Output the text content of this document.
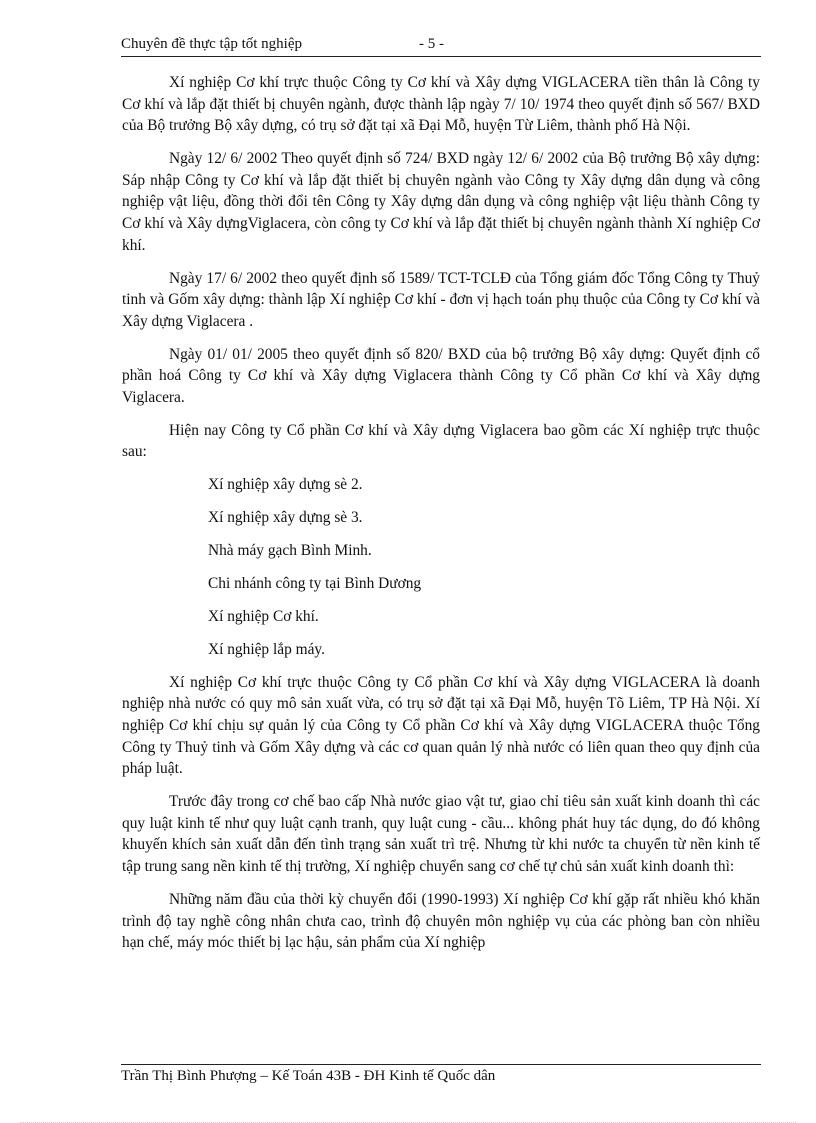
Chuyên đề thực tập tốt nghiệp	- 5 -

Xí nghiệp Cơ khí trực thuộc Công ty Cơ khí và Xây dựng VIGLACERA tiền thân là Công ty Cơ khí và lắp đặt thiết bị chuyên ngành, được thành lập ngày 7/ 10/ 1974 theo quyết định số 567/ BXD của Bộ trưởng Bộ xây dựng, có trụ sở đặt tại xã Đại Mỗ, huyện Từ Liêm, thành phố Hà Nội.

Ngày 12/ 6/ 2002 Theo quyết định số 724/ BXD ngày 12/ 6/ 2002 của Bộ trưởng Bộ xây dựng: Sáp nhập Công ty Cơ khí và lắp đặt thiết bị chuyên ngành vào Công ty Xây dựng dân dụng và công nghiệp vật liệu, đồng thời đổi tên Công ty Xây dựng dân dụng và công nghiệp vật liệu thành Công ty Cơ khí và Xây dựngViglacera, còn công ty Cơ khí và lắp đặt thiết bị chuyên ngành thành Xí nghiệp Cơ khí.

Ngày 17/ 6/ 2002 theo quyết định số 1589/ TCT-TCLĐ của Tổng giám đốc Tổng Công ty Thuỷ tinh và Gốm xây dựng: thành lập Xí nghiệp Cơ khí - đơn vị hạch toán phụ thuộc của Công ty Cơ khí và Xây dựng Viglacera .

Ngày 01/ 01/ 2005 theo quyết định số 820/ BXD của bộ trưởng Bộ xây dựng: Quyết định cổ phần hoá Công ty Cơ khí và Xây dựng Viglacera thành Công ty Cổ phần Cơ khí và Xây dựng Viglacera.

Hiện nay Công ty Cổ phần Cơ khí và Xây dựng Viglacera bao gồm các Xí nghiệp trực thuộc sau:

Xí nghiệp xây dựng sè 2.
Xí nghiệp xây dựng sè 3.
Nhà máy gạch Bình Minh.
Chi nhánh công ty tại Bình Dương
Xí nghiệp Cơ khí.
Xí nghiệp lắp máy.

Xí nghiệp Cơ khí trực thuộc Công ty Cổ phần Cơ khí và Xây dựng VIGLACERA là doanh nghiệp nhà nước có quy mô sản xuất vừa, có trụ sở đặt tại xã Đại Mỗ, huyện Tõ Liêm, TP Hà Nội. Xí nghiệp Cơ khí chịu sự quản lý của Công ty Cổ phần Cơ khí và Xây dựng VIGLACERA thuộc Tổng Công ty Thuỷ tinh và Gốm Xây dựng và các cơ quan quản lý nhà nước có liên quan theo quy định của pháp luật.

Trước đây trong cơ chế bao cấp Nhà nước giao vật tư, giao chỉ tiêu sản xuất kinh doanh thì các quy luật kinh tế như quy luật cạnh tranh, quy luật cung - cầu... không phát huy tác dụng, do đó không khuyến khích sản xuất dẫn đến tình trạng sản xuất trì trệ. Nhưng từ khi nước ta chuyển từ nền kinh tế tập trung sang nền kinh tế thị trường, Xí nghiệp chuyển sang cơ chế tự chủ sản xuất kinh doanh thì:

Những năm đầu của thời kỳ chuyển đổi (1990-1993) Xí nghiệp Cơ khí gặp rất nhiều khó khăn trình độ tay nghề công nhân chưa cao, trình độ chuyên môn nghiệp vụ của các phòng ban còn nhiều hạn chế, máy móc thiết bị lạc hậu, sản phẩm của Xí nghiệp

Trần Thị Bình Phượng – Kế Toán 43B - ĐH Kinh tế Quốc dân
